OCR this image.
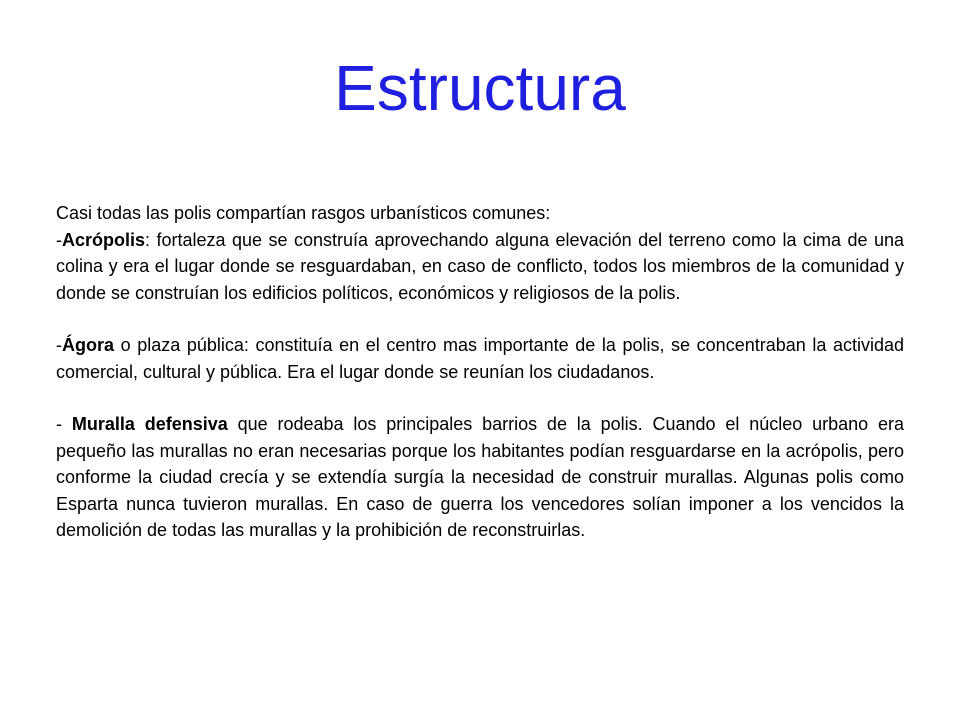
Estructura

Casi todas las polis compartían rasgos urbanísticos comunes:

-Acrópolis: fortaleza que se construía aprovechando alguna elevación del terreno como la cima de una colina y era el lugar donde se resguardaban, en caso de conflicto, todos los miembros de la comunidad y donde se construían los edificios políticos, económicos y religiosos de la polis.

-Ágora o plaza pública: constituía en el centro mas importante de la polis, se concentraban la actividad comercial, cultural y pública. Era el lugar donde se reunían los ciudadanos.

- Muralla defensiva que rodeaba los principales barrios de la polis. Cuando el núcleo urbano era pequeño las murallas no eran necesarias porque los habitantes podían resguardarse en la acrópolis, pero conforme la ciudad crecía y se extendía surgía la necesidad de construir murallas. Algunas polis como Esparta nunca tuvieron murallas. En caso de guerra los vencedores solían imponer a los vencidos la demolición de todas las murallas y la prohibición de reconstruirlas.
